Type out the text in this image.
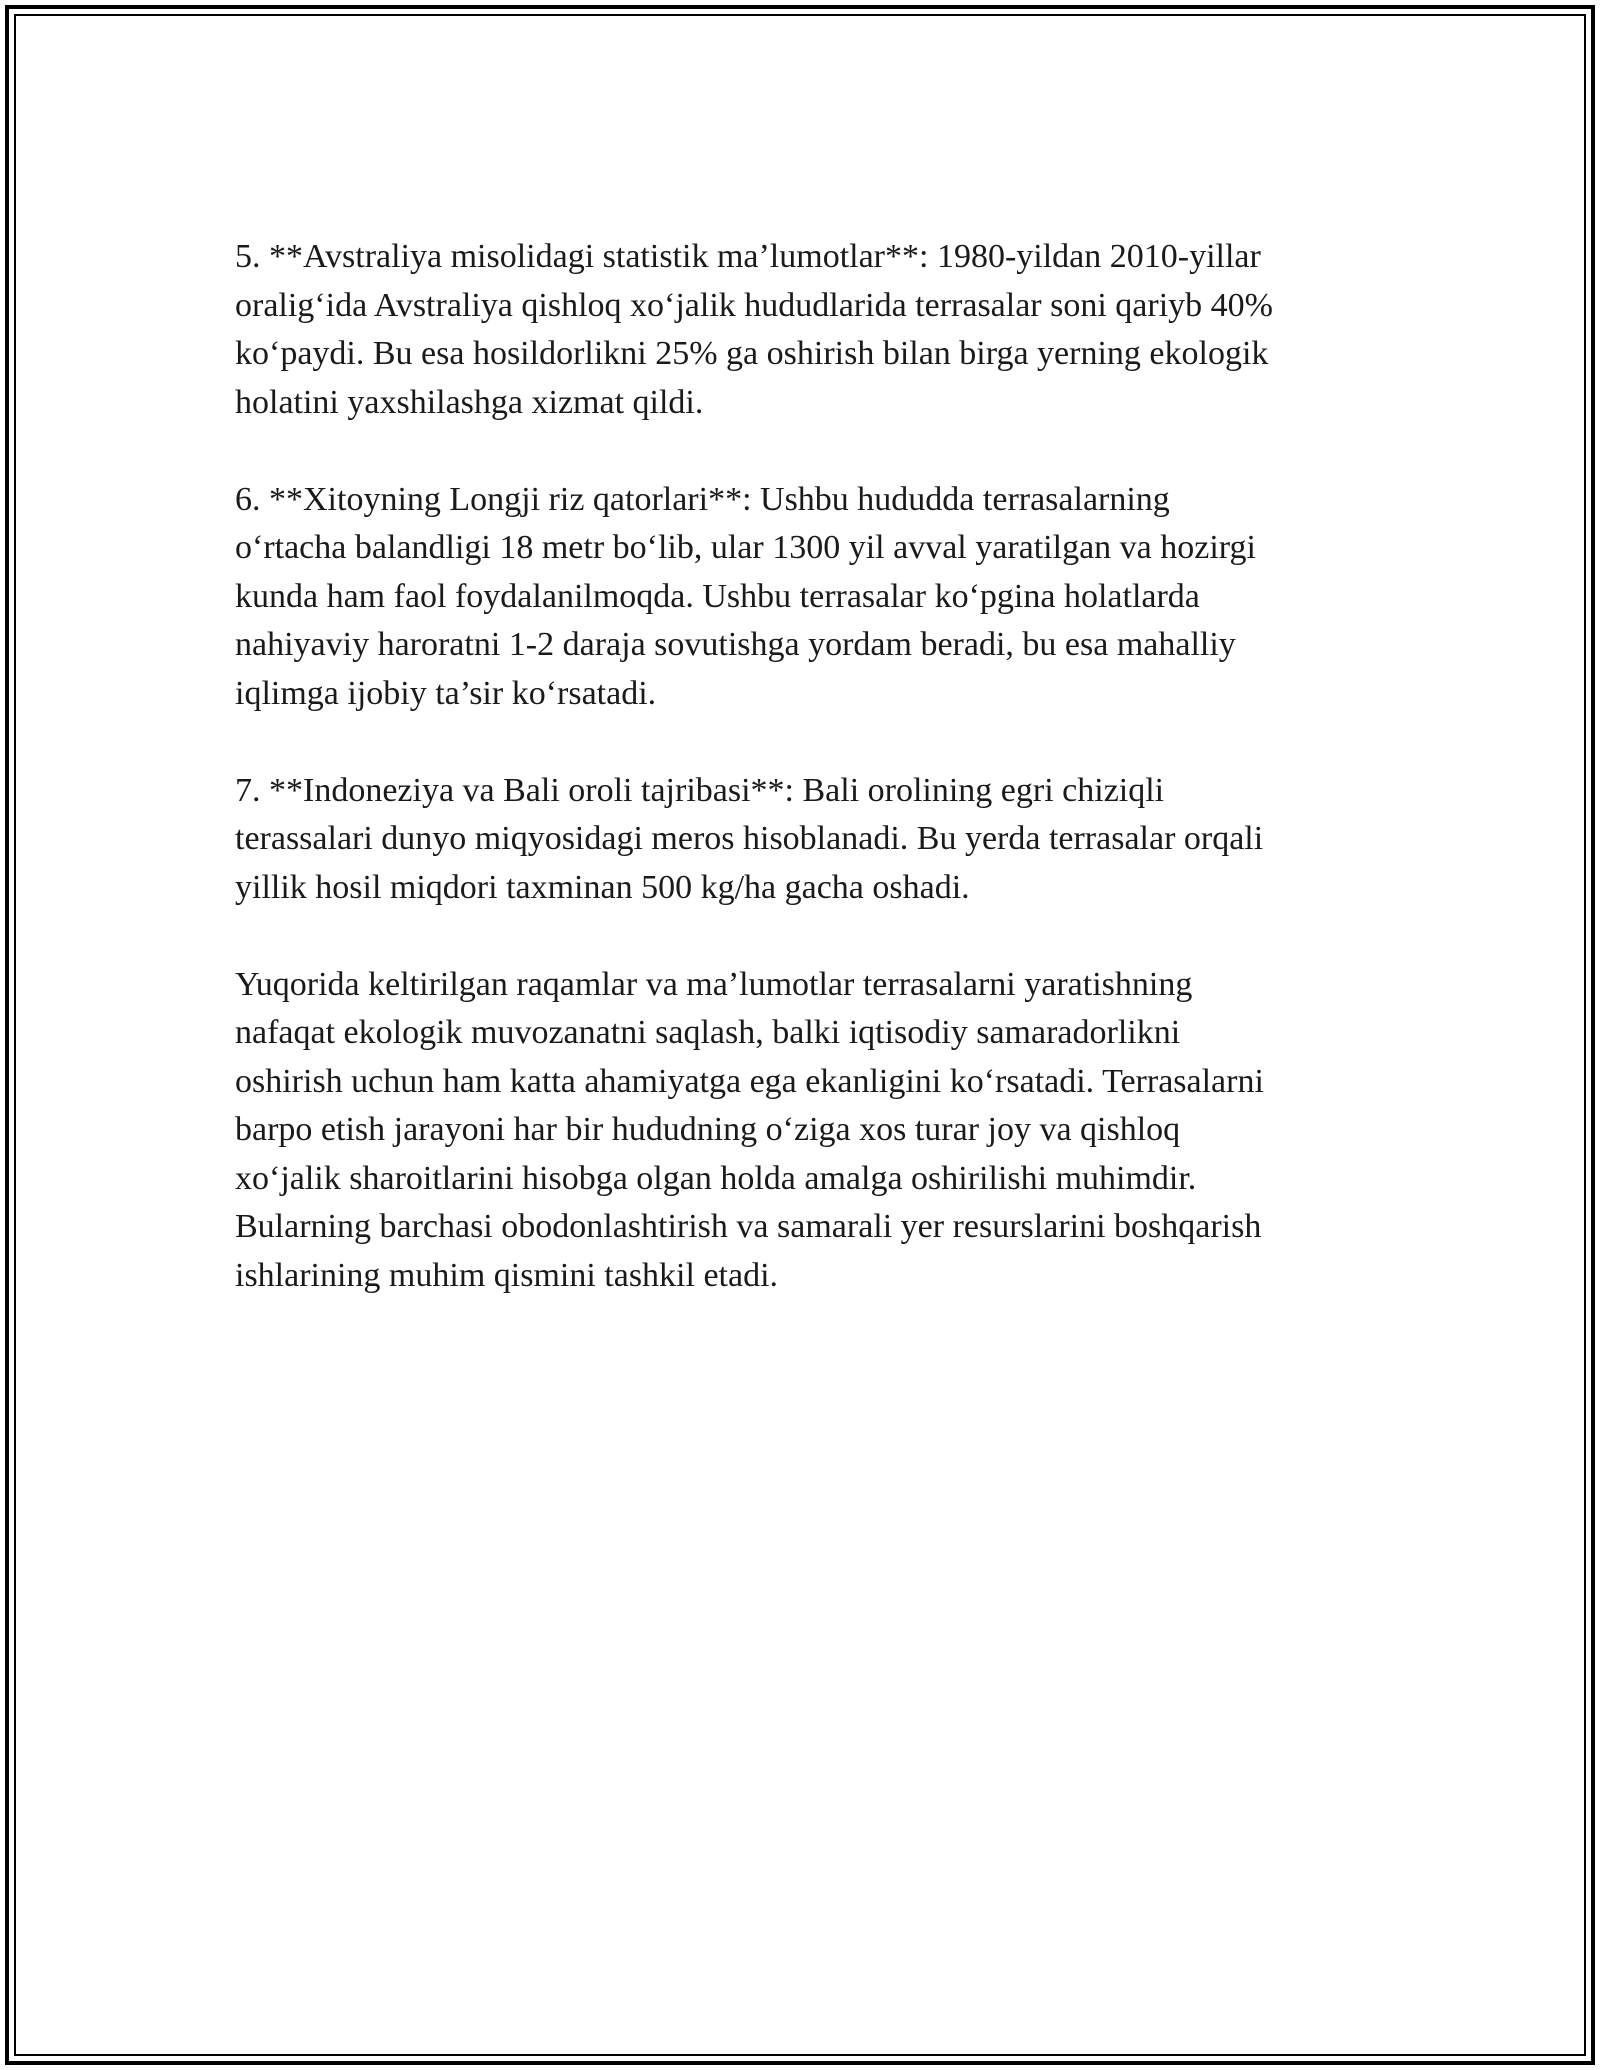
5. **Avstraliya misolidagi statistik ma’lumotlar**: 1980-yildan 2010-yillar
oralig‘ida Avstraliya qishloq xo‘jalik hududlarida terrasalar soni qariyb 40%
ko‘paydi. Bu esa hosildorlikni 25% ga oshirish bilan birga yerning ekologik
holatini yaxshilashga xizmat qildi.

6. **Xitoyning Longji riz qatorlari**: Ushbu hududda terrasalarning
o‘rtacha balandligi 18 metr bo‘lib, ular 1300 yil avval yaratilgan va hozirgi
kunda ham faol foydalanilmoqda. Ushbu terrasalar ko‘pgina holatlarda
nahiyaviy haroratni 1-2 daraja sovutishga yordam beradi, bu esa mahalliy
iqlimga ijobiy ta’sir ko‘rsatadi.

7. **Indoneziya va Bali oroli tajribasi**: Bali orolining egri chiziqli
terassalari dunyo miqyosidagi meros hisoblanadi. Bu yerda terrasalar orqali
yillik hosil miqdori taxminan 500 kg/ha gacha oshadi.

Yuqorida keltirilgan raqamlar va ma’lumotlar terrasalarni yaratishning
nafaqat ekologik muvozanatni saqlash, balki iqtisodiy samaradorlikni
oshirish uchun ham katta ahamiyatga ega ekanligini ko‘rsatadi. Terrasalarni
barpo etish jarayoni har bir hududning o‘ziga xos turar joy va qishloq
xo‘jalik sharoitlarini hisobga olgan holda amalga oshirilishi muhimdir.
Bularning barchasi obodonlashtirish va samarali yer resurslarini boshqarish
ishlarining muhim qismini tashkil etadi.
